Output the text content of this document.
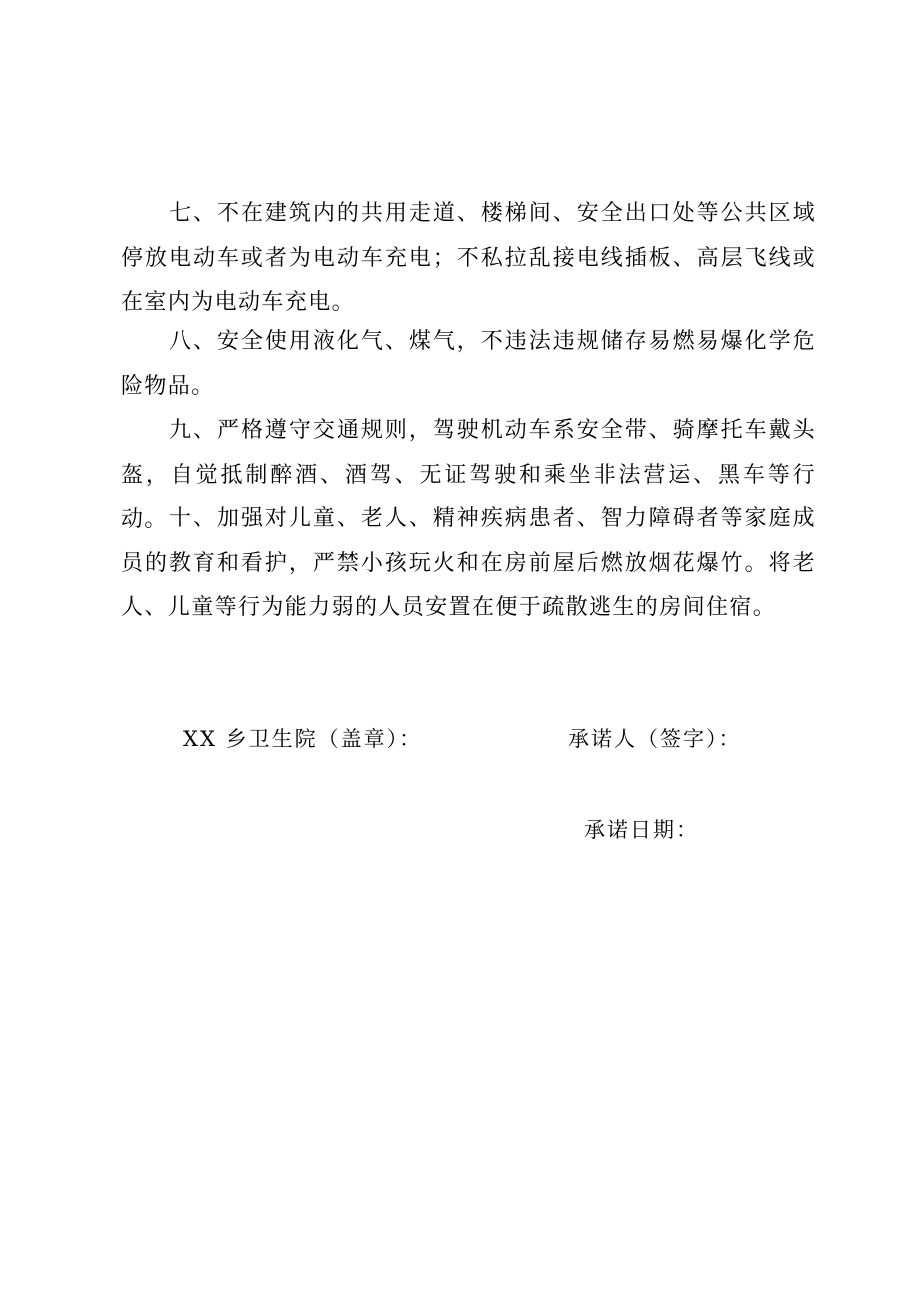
七、不在建筑内的共用走道、楼梯间、安全出口处等公共区域停放电动车或者为电动车充电；不私拉乱接电线插板、高层飞线或在室内为电动车充电。

八、安全使用液化气、煤气，不违法违规储存易燃易爆化学危险物品。

九、严格遵守交通规则，驾驶机动车系安全带、骑摩托车戴头盔，自觉抵制醉酒、酒驾、无证驾驶和乘坐非法营运、黑车等行动。 十、加强对儿童、老人、精神疾病患者、智力障碍者等家庭成员的教育和看护，严禁小孩玩火和在房前屋后燃放烟花爆竹。将老人、儿童等行为能力弱的人员安置在便于疏散逃生的房间住宿。

XX 乡卫生院（盖章）：	承诺人（签字）：
承诺日期：
